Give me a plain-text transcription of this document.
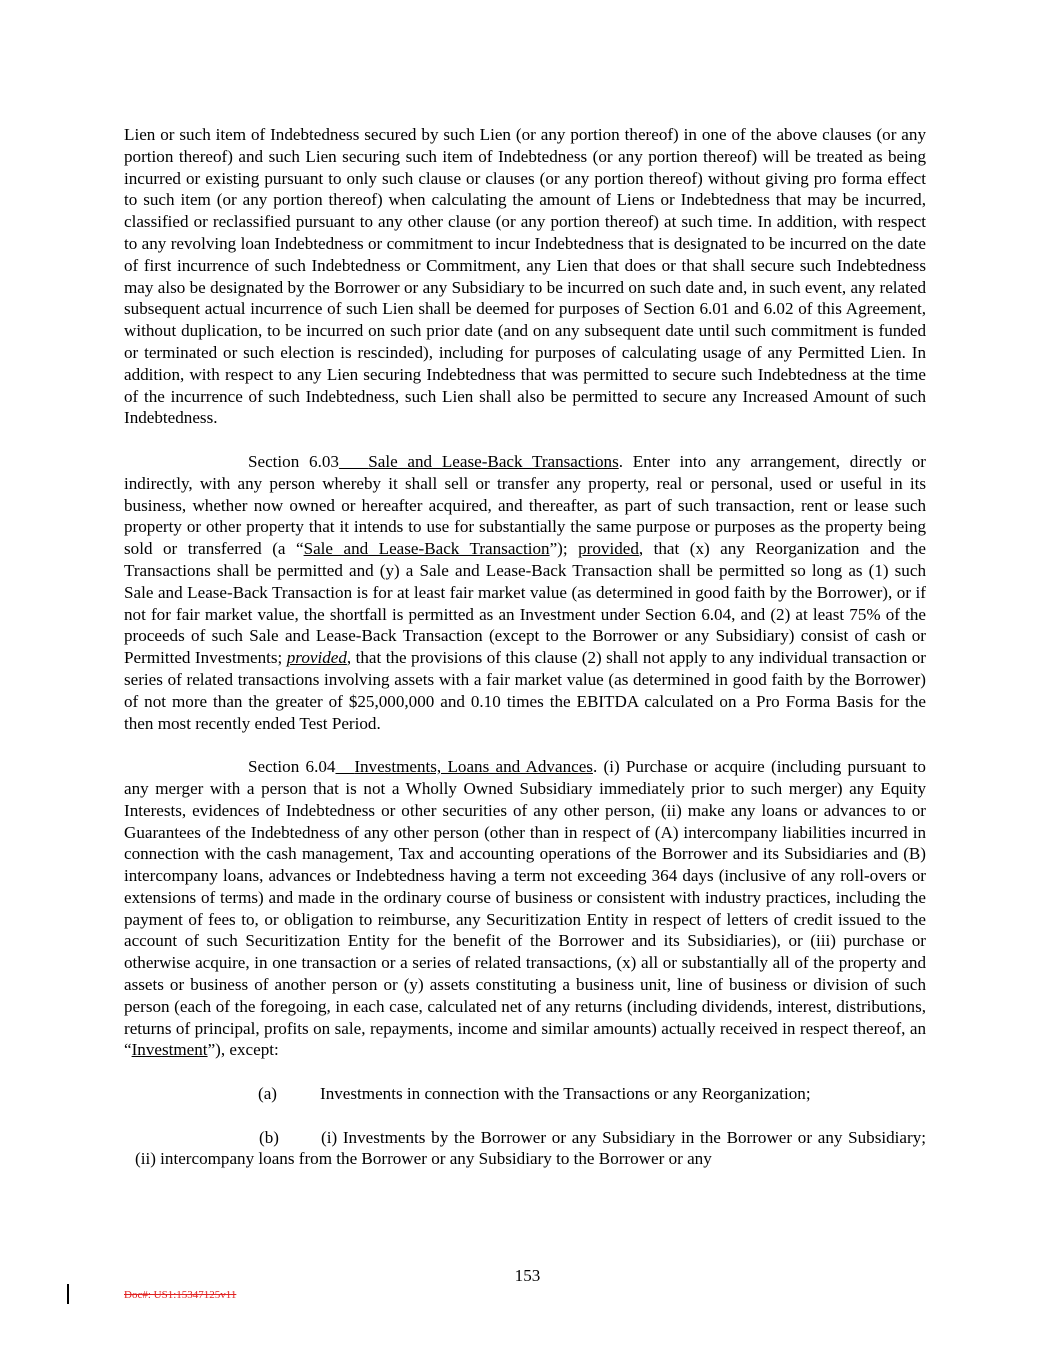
Lien or such item of Indebtedness secured by such Lien (or any portion thereof) in one of the above clauses (or any portion thereof) and such Lien securing such item of Indebtedness (or any portion thereof) will be treated as being incurred or existing pursuant to only such clause or clauses (or any portion thereof) without giving pro forma effect to such item (or any portion thereof) when calculating the amount of Liens or Indebtedness that may be incurred, classified or reclassified pursuant to any other clause (or any portion thereof) at such time. In addition, with respect to any revolving loan Indebtedness or commitment to incur Indebtedness that is designated to be incurred on the date of first incurrence of such Indebtedness or Commitment, any Lien that does or that shall secure such Indebtedness may also be designated by the Borrower or any Subsidiary to be incurred on such date and, in such event, any related subsequent actual incurrence of such Lien shall be deemed for purposes of Section 6.01 and 6.02 of this Agreement, without duplication, to be incurred on such prior date (and on any subsequent date until such commitment is funded or terminated or such election is rescinded), including for purposes of calculating usage of any Permitted Lien. In addition, with respect to any Lien securing Indebtedness that was permitted to secure such Indebtedness at the time of the incurrence of such Indebtedness, such Lien shall also be permitted to secure any Increased Amount of such Indebtedness.

Section 6.03 Sale and Lease-Back Transactions. Enter into any arrangement, directly or indirectly, with any person whereby it shall sell or transfer any property, real or personal, used or useful in its business, whether now owned or hereafter acquired, and thereafter, as part of such transaction, rent or lease such property or other property that it intends to use for substantially the same purpose or purposes as the property being sold or transferred (a “Sale and Lease-Back Transaction”); provided, that (x) any Reorganization and the Transactions shall be permitted and (y) a Sale and Lease-Back Transaction shall be permitted so long as (1) such Sale and Lease-Back Transaction is for at least fair market value (as determined in good faith by the Borrower), or if not for fair market value, the shortfall is permitted as an Investment under Section 6.04, and (2) at least 75% of the proceeds of such Sale and Lease-Back Transaction (except to the Borrower or any Subsidiary) consist of cash or Permitted Investments; provided, that the provisions of this clause (2) shall not apply to any individual transaction or series of related transactions involving assets with a fair market value (as determined in good faith by the Borrower) of not more than the greater of $25,000,000 and 0.10 times the EBITDA calculated on a Pro Forma Basis for the then most recently ended Test Period.

Section 6.04 Investments, Loans and Advances. (i) Purchase or acquire (including pursuant to any merger with a person that is not a Wholly Owned Subsidiary immediately prior to such merger) any Equity Interests, evidences of Indebtedness or other securities of any other person, (ii) make any loans or advances to or Guarantees of the Indebtedness of any other person (other than in respect of (A) intercompany liabilities incurred in connection with the cash management, Tax and accounting operations of the Borrower and its Subsidiaries and (B) intercompany loans, advances or Indebtedness having a term not exceeding 364 days (inclusive of any roll-overs or extensions of terms) and made in the ordinary course of business or consistent with industry practices, including the payment of fees to, or obligation to reimburse, any Securitization Entity in respect of letters of credit issued to the account of such Securitization Entity for the benefit of the Borrower and its Subsidiaries), or (iii) purchase or otherwise acquire, in one transaction or a series of related transactions, (x) all or substantially all of the property and assets or business of another person or (y) assets constituting a business unit, line of business or division of such person (each of the foregoing, in each case, calculated net of any returns (including dividends, interest, distributions, returns of principal, profits on sale, repayments, income and similar amounts) actually received in respect thereof, an “Investment”), except:

(a)	Investments in connection with the Transactions or any Reorganization;

(b) (i) Investments by the Borrower or any Subsidiary in the Borrower or any Subsidiary; (ii) intercompany loans from the Borrower or any Subsidiary to the Borrower or any

153
Doc#: US1:15347125v11
